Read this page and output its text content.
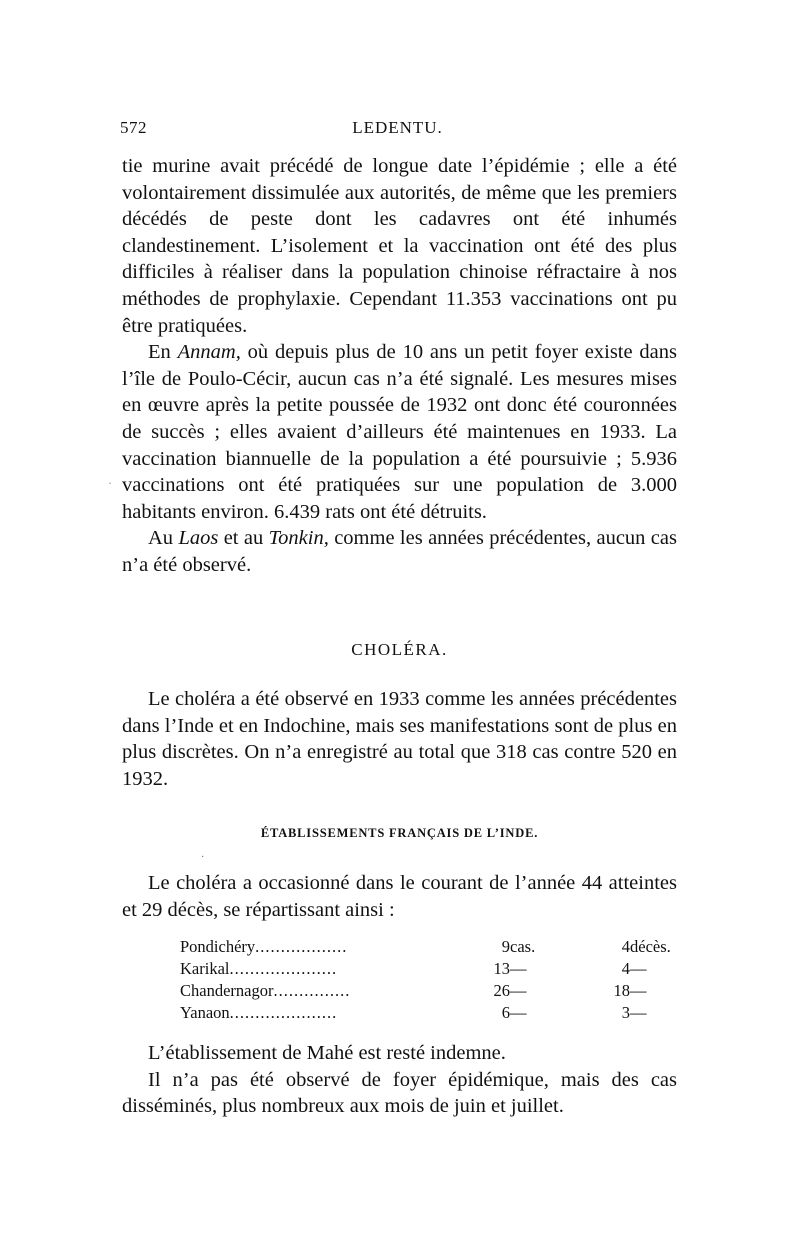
572	LEDENTU.

tie murine avait précédé de longue date l’épidémie ; elle a été volontairement dissimulée aux autorités, de même que les premiers décédés de peste dont les cadavres ont été inhumés clandestinement. L’isolement et la vaccination ont été des plus difficiles à réaliser dans la population chinoise réfractaire à nos méthodes de prophylaxie. Cependant 11.353 vaccinations ont pu être pratiquées.

En Annam, où depuis plus de 10 ans un petit foyer existe dans l’île de Poulo-Cécir, aucun cas n’a été signalé. Les mesures mises en œuvre après la petite poussée de 1932 ont donc été couronnées de succès ; elles avaient d’ailleurs été maintenues en 1933. La vaccination biannuelle de la population a été poursuivie ; 5.936 vaccinations ont été pratiquées sur une population de 3.000 habitants environ. 6.439 rats ont été détruits.

Au Laos et au Tonkin, comme les années précédentes, aucun cas n’a été observé.

·
CHOLÉRA.

Le choléra a été observé en 1933 comme les années précédentes dans l’Inde et en Indochine, mais ses manifestations sont de plus en plus discrètes. On n’a enregistré au total que 318 cas contre 520 en 1932.

ÉTABLISSEMENTS FRANÇAIS DE L’INDE.
·

Le choléra a occasionné dans le courant de l’année 44 atteintes et 29 décès, se répartissant ainsi :

Pondichéry..................	9	cas.	4	décès.
Karikal.....................	13	—	4	—
Chandernagor...............	26	—	18	—
Yanaon.....................	6	—	3	—

L’établissement de Mahé est resté indemne.

Il n’a pas été observé de foyer épidémique, mais des cas disséminés, plus nombreux aux mois de juin et juillet.
